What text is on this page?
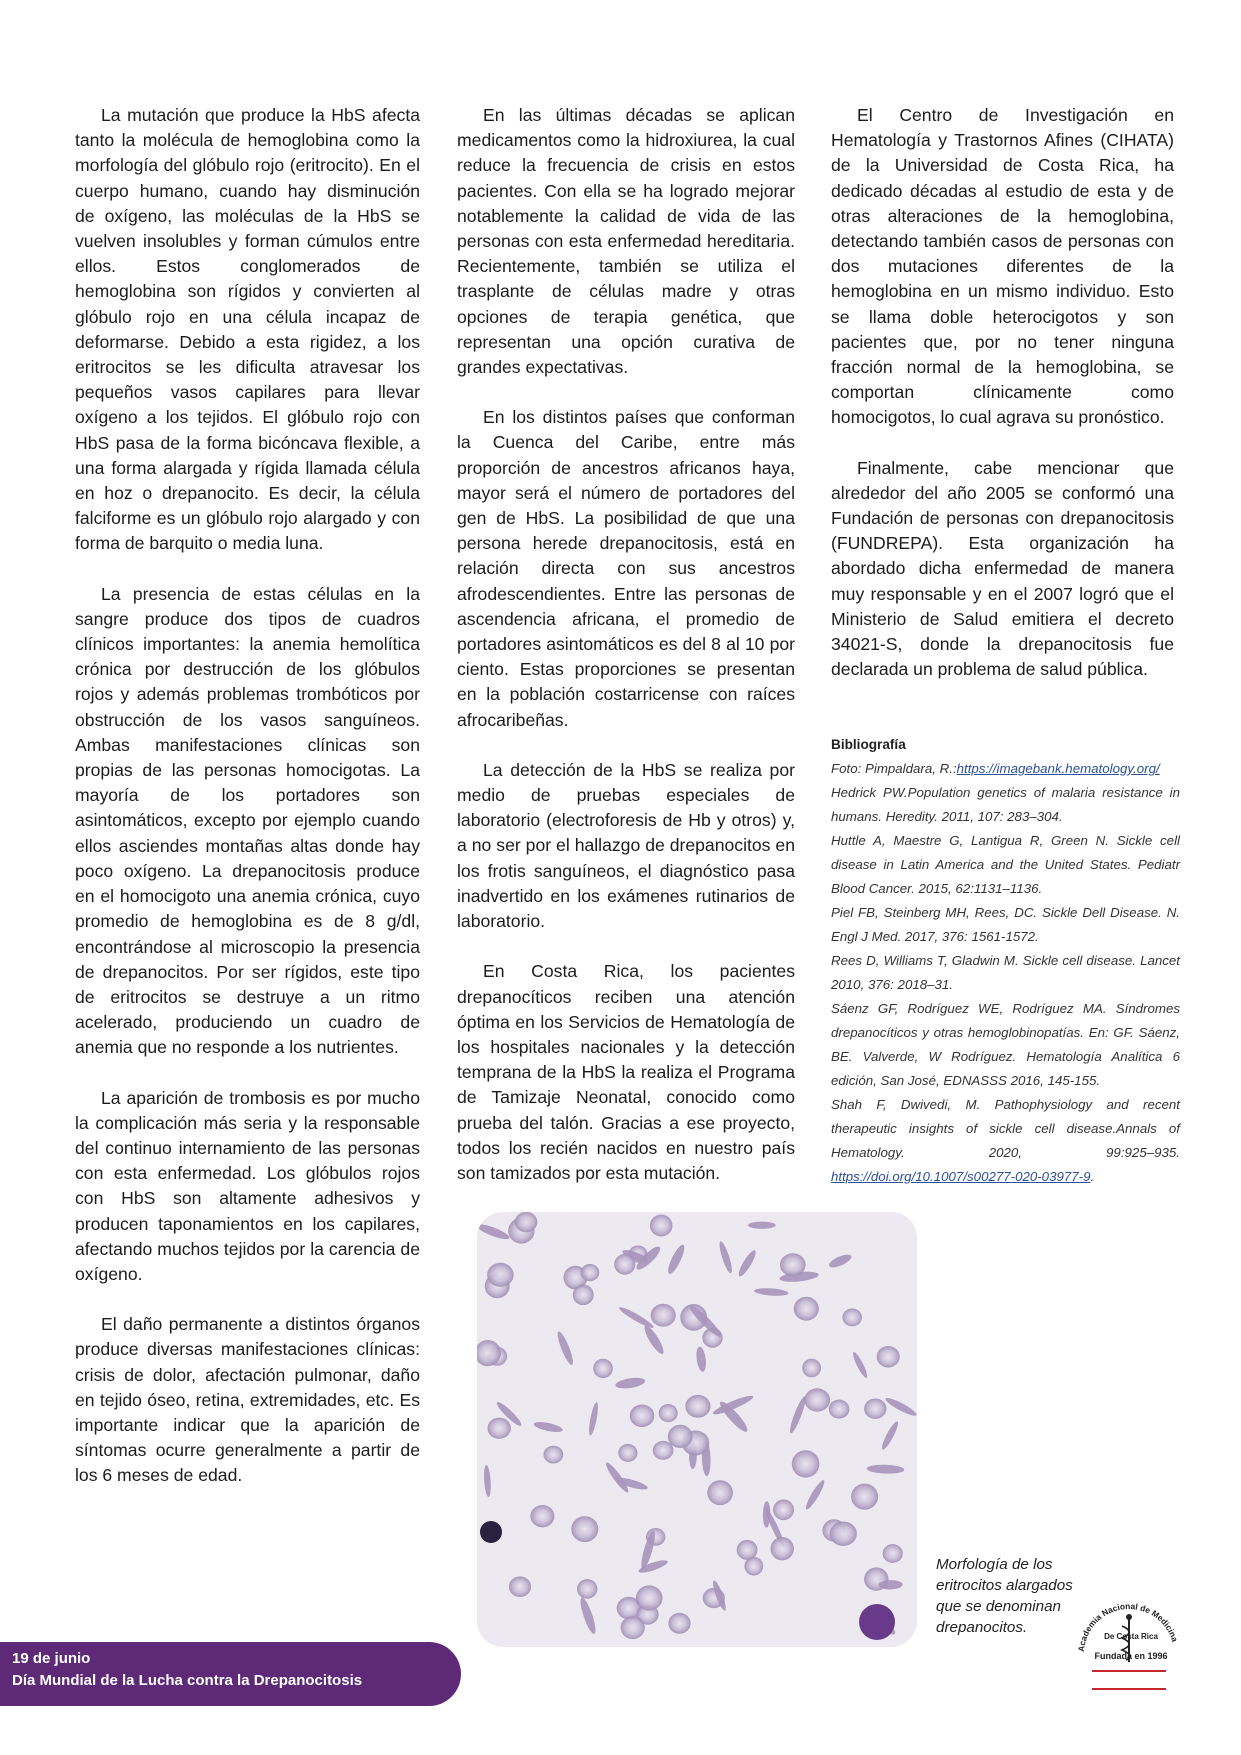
La mutación que produce la HbS afecta tanto la molécula de hemoglobina como la morfología del glóbulo rojo (eritrocito). En el cuerpo humano, cuando hay disminución de oxígeno, las moléculas de la HbS se vuelven insolubles y forman cúmulos entre ellos. Estos conglomerados de hemoglobina son rígidos y convierten al glóbulo rojo en una célula incapaz de deformarse. Debido a esta rigidez, a los eritrocitos se les dificulta atravesar los pequeños vasos capilares para llevar oxígeno a los tejidos. El glóbulo rojo con HbS pasa de la forma bicóncava flexible, a una forma alargada y rígida llamada célula en hoz o drepanocito. Es decir, la célula falciforme es un glóbulo rojo alargado y con forma de barquito o media luna.

La presencia de estas células en la sangre produce dos tipos de cuadros clínicos importantes: la anemia hemolítica crónica por destrucción de los glóbulos rojos y además problemas trombóticos por obstrucción de los vasos sanguíneos. Ambas manifestaciones clínicas son propias de las personas homocigotas. La mayoría de los portadores son asintomáticos, excepto por ejemplo cuando ellos asciendes montañas altas donde hay poco oxígeno. La drepanocitosis produce en el homocigoto una anemia crónica, cuyo promedio de hemoglobina es de 8 g/dl, encontrándose al microscopio la presencia de drepanocitos. Por ser rígidos, este tipo de eritrocitos se destruye a un ritmo acelerado, produciendo un cuadro de anemia que no responde a los nutrientes.

La aparición de trombosis es por mucho la complicación más seria y la responsable del continuo internamiento de las personas con esta enfermedad. Los glóbulos rojos con HbS son altamente adhesivos y producen taponamientos en los capilares, afectando muchos tejidos por la carencia de oxígeno.

El daño permanente a distintos órganos produce diversas manifestaciones clínicas: crisis de dolor, afectación pulmonar, daño en tejido óseo, retina, extremidades, etc. Es importante indicar que la aparición de síntomas ocurre generalmente a partir de los 6 meses de edad.

En las últimas décadas se aplican medicamentos como la hidroxiurea, la cual reduce la frecuencia de crisis en estos pacientes. Con ella se ha logrado mejorar notablemente la calidad de vida de las personas con esta enfermedad hereditaria. Recientemente, también se utiliza el trasplante de células madre y otras opciones de terapia genética, que representan una opción curativa de grandes expectativas.

En los distintos países que conforman la Cuenca del Caribe, entre más proporción de ancestros africanos haya, mayor será el número de portadores del gen de HbS. La posibilidad de que una persona herede drepanocitosis, está en relación directa con sus ancestros afrodescendientes. Entre las personas de ascendencia africana, el promedio de portadores asintomáticos es del 8 al 10 por ciento. Estas proporciones se presentan en la población costarricense con raíces afrocaribeñas.

La detección de la HbS se realiza por medio de pruebas especiales de laboratorio (electroforesis de Hb y otros) y, a no ser por el hallazgo de drepanocitos en los frotis sanguíneos, el diagnóstico pasa inadvertido en los exámenes rutinarios de laboratorio.

En Costa Rica, los pacientes drepanocíticos reciben una atención óptima en los Servicios de Hematología de los hospitales nacionales y la detección temprana de la HbS la realiza el Programa de Tamizaje Neonatal, conocido como prueba del talón. Gracias a ese proyecto, todos los recién nacidos en nuestro país son tamizados por esta mutación.

El Centro de Investigación en Hematología y Trastornos Afines (CIHATA) de la Universidad de Costa Rica, ha dedicado décadas al estudio de esta y de otras alteraciones de la hemoglobina, detectando también casos de personas con dos mutaciones diferentes de la hemoglobina en un mismo individuo. Esto se llama doble heterocigotos y son pacientes que, por no tener ninguna fracción normal de la hemoglobina, se comportan clínicamente como homocigotos, lo cual agrava su pronóstico.

Finalmente, cabe mencionar que alrededor del año 2005 se conformó una Fundación de personas con drepanocitosis (FUNDREPA). Esta organización ha abordado dicha enfermedad de manera muy responsable y en el 2007 logró que el Ministerio de Salud emitiera el decreto 34021-S, donde la drepanocitosis fue declarada un problema de salud pública.

Bibliografía

Foto: Pimpaldara, R.:https://imagebank.hematology.org/

Hedrick PW.Population genetics of malaria resistance in humans. Heredity. 2011, 107: 283–304.

Huttle A, Maestre G, Lantigua R, Green N. Sickle cell disease in Latin America and the United States. Pediatr Blood Cancer. 2015, 62:1131–1136.

Piel FB, Steinberg MH, Rees, DC. Sickle Dell Disease. N. Engl J Med. 2017, 376: 1561-1572.

Rees D, Williams T, Gladwin M. Sickle cell disease. Lancet 2010, 376: 2018–31.

Sáenz GF, Rodríguez WE, Rodríguez MA. Síndromes drepanocíticos y otras hemoglobinopatías. En: GF. Sáenz, BE. Valverde, W Rodríguez. Hematología Analítica 6 edición, San José, EDNASSS 2016, 145-155.

Shah F, Dwivedi, M. Pathophysiology and recent therapeutic insights of sickle cell disease.Annals of Hematology. 2020, 99:925–935. https://doi.org/10.1007/s00277-020-03977-9.

Morfología de los eritrocitos alargados que se denominan drepanocitos.
Academia Nacional de Medicina
De Costa Rica
Fundada en 1996
19 de junio
Día Mundial de la Lucha contra la Drepanocitosis
